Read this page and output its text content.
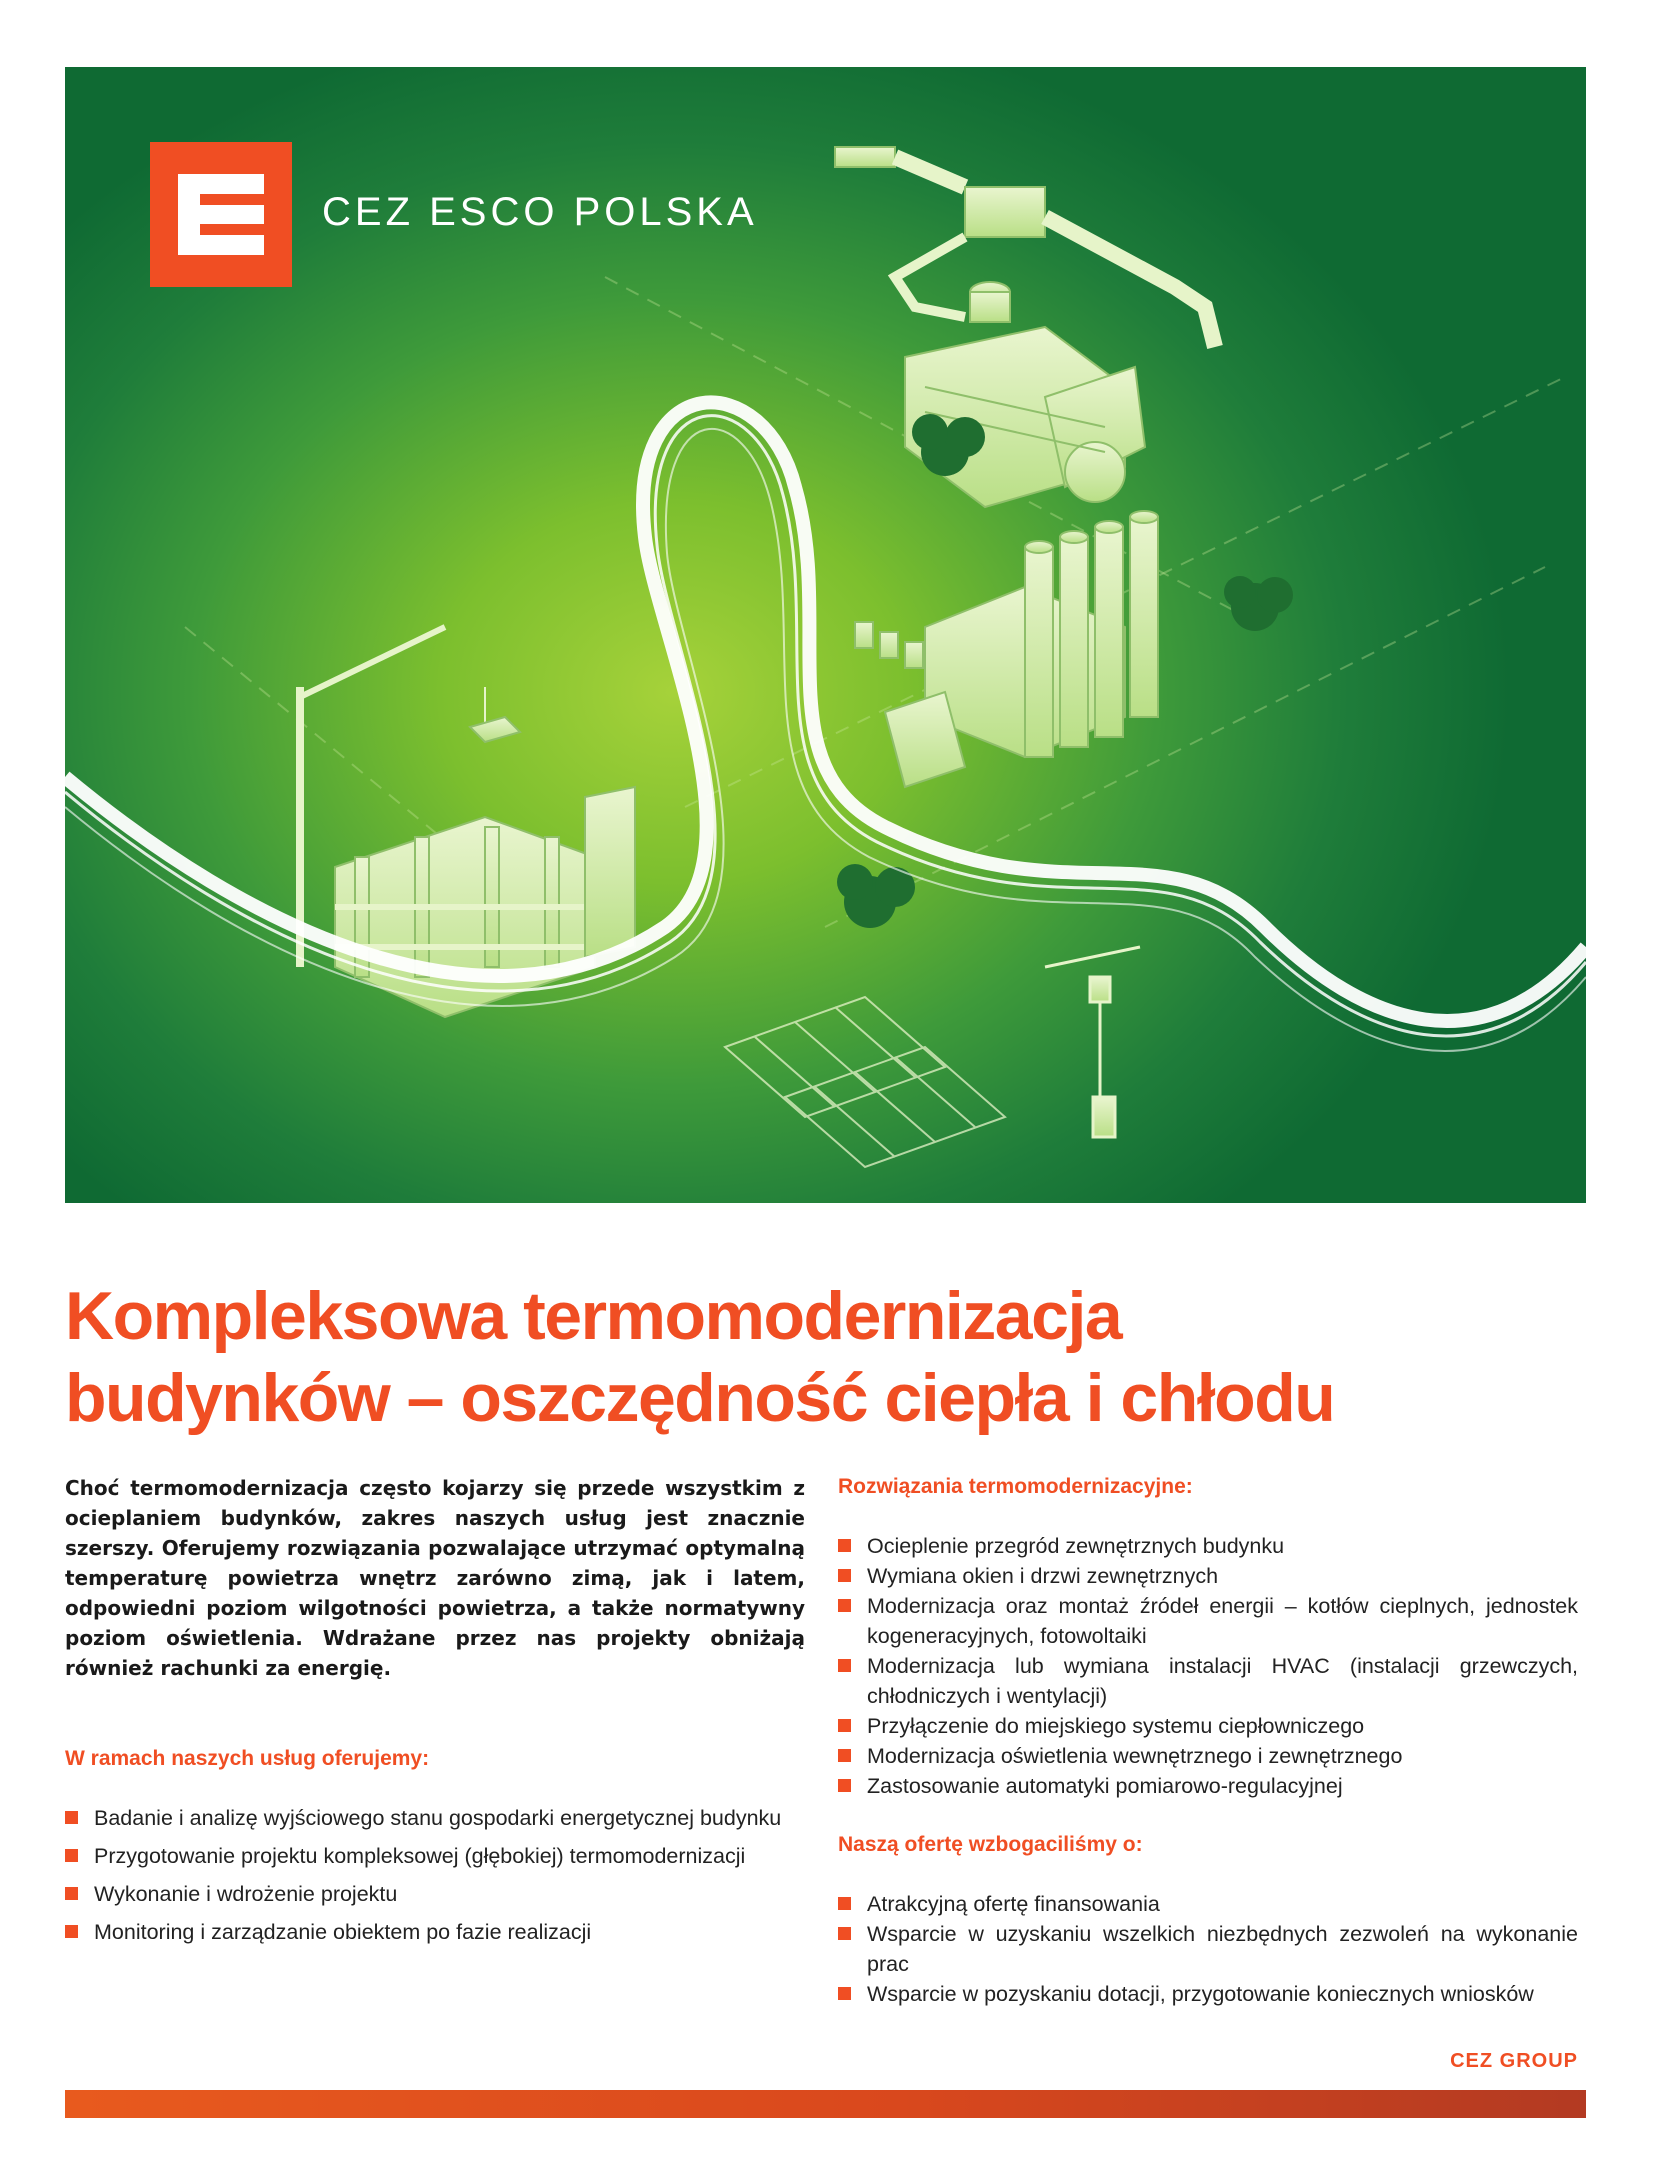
CEZ ESCO POLSKA
Kompleksowa termomodernizacja
budynków – oszczędność ciepła i chłodu

Choć termomodernizacja często kojarzy się przede wszystkim z ocieplaniem budynków, zakres naszych usług jest znacznie szerszy. Oferujemy rozwiązania pozwalające utrzymać optymalną temperaturę powietrza wnętrz zarówno zimą, jak i latem, odpowiedni poziom wilgotności powietrza, a także normatywny poziom oświetlenia. Wdrażane przez nas projekty obniżają również rachunki za energię.

W ramach naszych usług oferujemy:
Badanie i analizę wyjściowego stanu gospodarki energetycznej budynku
Przygotowanie projektu kompleksowej (głębokiej) termomodernizacji
Wykonanie i wdrożenie projektu
Monitoring i zarządzanie obiektem po fazie realizacji
Rozwiązania termomodernizacyjne:
Ocieplenie przegród zewnętrznych budynku
Wymiana okien i drzwi zewnętrznych
Modernizacja oraz montaż źródeł energii – kotłów cieplnych, jednostek kogeneracyjnych, fotowoltaiki
Modernizacja lub wymiana instalacji HVAC (instalacji grzewczych, chłodniczych i wentylacji)
Przyłączenie do miejskiego systemu ciepłowniczego
Modernizacja oświetlenia wewnętrznego i zewnętrznego
Zastosowanie automatyki pomiarowo-regulacyjnej
Naszą ofertę wzbogaciliśmy o:
Atrakcyjną ofertę finansowania
Wsparcie w uzyskaniu wszelkich niezbędnych zezwoleń na wykonanie prac
Wsparcie w pozyskaniu dotacji, przygotowanie koniecznych wniosków
CEZ GROUP
